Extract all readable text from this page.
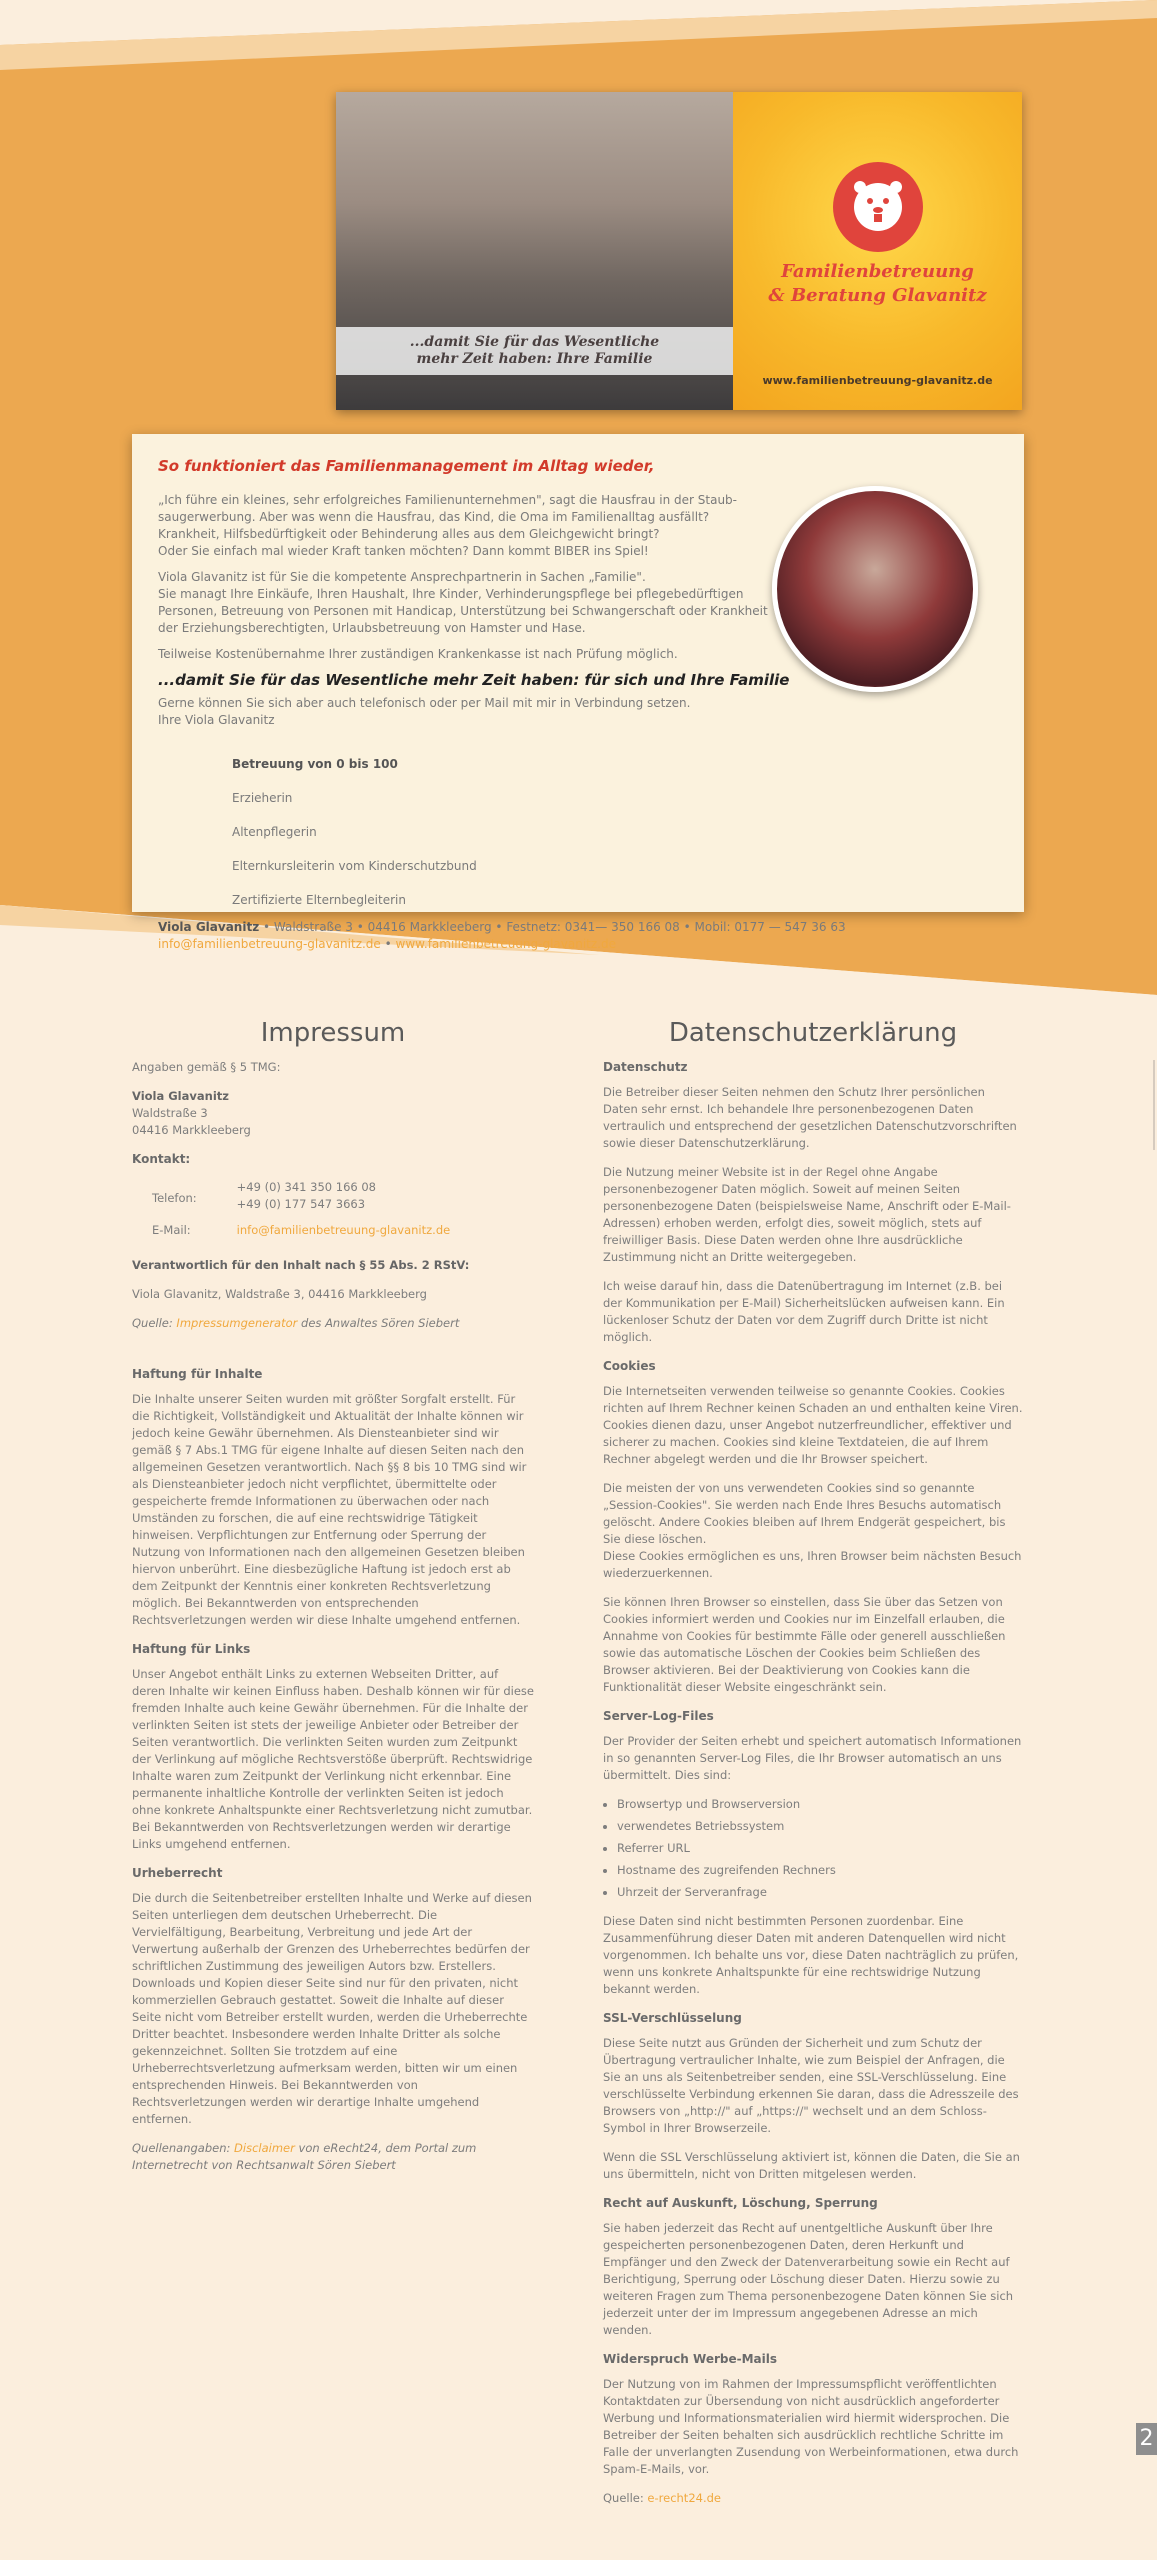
...damit Sie für das Wesentliche
mehr Zeit haben: Ihre Familie
Familienbetreuung
& Beratung Glavanitz
www.familienbetreuung-glavanitz.de
So funktioniert das Familienmanagement im Alltag wieder,

„Ich führe ein kleines, sehr erfolgreiches Familienunternehmen", sagt die Hausfrau in der Staub-
saugerwerbung. Aber was wenn die Hausfrau, das Kind, die Oma im Familienalltag ausfällt?
Krankheit, Hilfsbedürftigkeit oder Behinderung alles aus dem Gleichgewicht bringt?
Oder Sie einfach mal wieder Kraft tanken möchten? Dann kommt BIBER ins Spiel!

Viola Glavanitz ist für Sie die kompetente Ansprechpartnerin in Sachen „Familie".
Sie managt Ihre Einkäufe, Ihren Haushalt, Ihre Kinder, Verhinderungspflege bei pflegebedürftigen
Personen, Betreuung von Personen mit Handicap, Unterstützung bei Schwangerschaft oder Krankheit
der Erziehungsberechtigten, Urlaubsbetreuung von Hamster und Hase.

Teilweise Kostenübernahme Ihrer zuständigen Krankenkasse ist nach Prüfung möglich.

...damit Sie für das Wesentliche mehr Zeit haben: für sich und Ihre Familie

Gerne können Sie sich aber auch telefonisch oder per Mail mit mir in Verbindung setzen.
Ihre Viola Glavanitz

Betreuung von 0 bis 100

Erzieherin

Altenpflegerin

Elternkursleiterin vom Kinderschutzbund

Zertifizierte Elternbegleiterin

Viola Glavanitz • Waldstraße 3 • 04416 Markkleeberg • Festnetz: 0341— 350 166 08 • Mobil: 0177 — 547 36 63
info@familienbetreuung-glavanitz.de • www.familienbetreuung-glavanitz.de

Impressum

Angaben gemäß § 5 TMG:

Viola Glavanitz
Waldstraße 3
04416 Markkleeberg

Kontakt:
Telefon:	+49 (0) 341 350 166 08
+49 (0) 177 547 3663
E-Mail:	info@familienbetreuung-glavanitz.de

Verantwortlich für den Inhalt nach § 55 Abs. 2 RStV:

Viola Glavanitz, Waldstraße 3, 04416 Markkleeberg

Quelle: Impressumgenerator des Anwaltes Sören Siebert

Haftung für Inhalte

Die Inhalte unserer Seiten wurden mit größter Sorgfalt erstellt. Für die Richtigkeit, Vollständigkeit und Aktualität der Inhalte können wir jedoch keine Gewähr übernehmen. Als Diensteanbieter sind wir gemäß § 7 Abs.1 TMG für eigene Inhalte auf diesen Seiten nach den allgemeinen Gesetzen verantwortlich. Nach §§ 8 bis 10 TMG sind wir als Diensteanbieter jedoch nicht verpflichtet, übermittelte oder gespeicherte fremde Informationen zu überwachen oder nach Umständen zu forschen, die auf eine rechtswidrige Tätigkeit hinweisen. Verpflichtungen zur Entfernung oder Sperrung der Nutzung von Informationen nach den allgemeinen Gesetzen bleiben hiervon unberührt. Eine diesbezügliche Haftung ist jedoch erst ab dem Zeitpunkt der Kenntnis einer konkreten Rechtsverletzung möglich. Bei Bekanntwerden von entsprechenden Rechtsverletzungen werden wir diese Inhalte umgehend entfernen.

Haftung für Links

Unser Angebot enthält Links zu externen Webseiten Dritter, auf deren Inhalte wir keinen Einfluss haben. Deshalb können wir für diese fremden Inhalte auch keine Gewähr übernehmen. Für die Inhalte der verlinkten Seiten ist stets der jeweilige Anbieter oder Betreiber der Seiten verantwortlich. Die verlinkten Seiten wurden zum Zeitpunkt der Verlinkung auf mögliche Rechtsverstöße überprüft. Rechtswidrige Inhalte waren zum Zeitpunkt der Verlinkung nicht erkennbar. Eine permanente inhaltliche Kontrolle der verlinkten Seiten ist jedoch ohne konkrete Anhaltspunkte einer Rechtsverletzung nicht zumutbar. Bei Bekanntwerden von Rechtsverletzungen werden wir derartige Links umgehend entfernen.

Urheberrecht

Die durch die Seitenbetreiber erstellten Inhalte und Werke auf diesen Seiten unterliegen dem deutschen Urheberrecht. Die Vervielfältigung, Bearbeitung, Verbreitung und jede Art der Verwertung außerhalb der Grenzen des Urheberrechtes bedürfen der schriftlichen Zustimmung des jeweiligen Autors bzw. Erstellers. Downloads und Kopien dieser Seite sind nur für den privaten, nicht kommerziellen Gebrauch gestattet. Soweit die Inhalte auf dieser Seite nicht vom Betreiber erstellt wurden, werden die Urheberrechte Dritter beachtet. Insbesondere werden Inhalte Dritter als solche gekennzeichnet. Sollten Sie trotzdem auf eine Urheberrechtsverletzung aufmerksam werden, bitten wir um einen entsprechenden Hinweis. Bei Bekanntwerden von Rechtsverletzungen werden wir derartige Inhalte umgehend entfernen.

Quellenangaben: Disclaimer von eRecht24, dem Portal zum Internetrecht von Rechtsanwalt Sören Siebert

Datenschutzerklärung
Datenschutz

Die Betreiber dieser Seiten nehmen den Schutz Ihrer persönlichen Daten sehr ernst. Ich behandele Ihre personenbezogenen Daten vertraulich und entsprechend der gesetzlichen Datenschutzvorschriften sowie dieser Datenschutzerklärung.

Die Nutzung meiner Website ist in der Regel ohne Angabe personenbezogener Daten möglich. Soweit auf meinen Seiten personenbezogene Daten (beispielsweise Name, Anschrift oder E-Mail-Adressen) erhoben werden, erfolgt dies, soweit möglich, stets auf freiwilliger Basis. Diese Daten werden ohne Ihre ausdrückliche Zustimmung nicht an Dritte weitergegeben.

Ich weise darauf hin, dass die Datenübertragung im Internet (z.B. bei der Kommunikation per E-Mail) Sicherheitslücken aufweisen kann. Ein lückenloser Schutz der Daten vor dem Zugriff durch Dritte ist nicht möglich.

Cookies

Die Internetseiten verwenden teilweise so genannte Cookies. Cookies richten auf Ihrem Rechner keinen Schaden an und enthalten keine Viren. Cookies dienen dazu, unser Angebot nutzerfreundlicher, effektiver und sicherer zu machen. Cookies sind kleine Textdateien, die auf Ihrem Rechner abgelegt werden und die Ihr Browser speichert.

Die meisten der von uns verwendeten Cookies sind so genannte „Session-Cookies". Sie werden nach Ende Ihres Besuchs automatisch gelöscht. Andere Cookies bleiben auf Ihrem Endgerät gespeichert, bis Sie diese löschen.
Diese Cookies ermöglichen es uns, Ihren Browser beim nächsten Besuch wiederzuerkennen.

Sie können Ihren Browser so einstellen, dass Sie über das Setzen von Cookies informiert werden und Cookies nur im Einzelfall erlauben, die Annahme von Cookies für bestimmte Fälle oder generell ausschließen sowie das automatische Löschen der Cookies beim Schließen des Browser aktivieren. Bei der Deaktivierung von Cookies kann die Funktionalität dieser Website eingeschränkt sein.

Server-Log-Files

Der Provider der Seiten erhebt und speichert automatisch Informationen in so genannten Server-Log Files, die Ihr Browser automatisch an uns übermittelt. Dies sind:

• Browsertyp und Browserversion
• verwendetes Betriebssystem
• Referrer URL
• Hostname des zugreifenden Rechners
• Uhrzeit der Serveranfrage

Diese Daten sind nicht bestimmten Personen zuordenbar. Eine Zusammenführung dieser Daten mit anderen Datenquellen wird nicht vorgenommen. Ich behalte uns vor, diese Daten nachträglich zu prüfen, wenn uns konkrete Anhaltspunkte für eine rechtswidrige Nutzung bekannt werden.

SSL-Verschlüsselung

Diese Seite nutzt aus Gründen der Sicherheit und zum Schutz der Übertragung vertraulicher Inhalte, wie zum Beispiel der Anfragen, die Sie an uns als Seitenbetreiber senden, eine SSL-Verschlüsselung. Eine verschlüsselte Verbindung erkennen Sie daran, dass die Adresszeile des Browsers von „http://" auf „https://" wechselt und an dem Schloss-Symbol in Ihrer Browserzeile.

Wenn die SSL Verschlüsselung aktiviert ist, können die Daten, die Sie an uns übermitteln, nicht von Dritten mitgelesen werden.

Recht auf Auskunft, Löschung, Sperrung

Sie haben jederzeit das Recht auf unentgeltliche Auskunft über Ihre gespeicherten personenbezogenen Daten, deren Herkunft und Empfänger und den Zweck der Datenverarbeitung sowie ein Recht auf Berichtigung, Sperrung oder Löschung dieser Daten. Hierzu sowie zu weiteren Fragen zum Thema personenbezogene Daten können Sie sich jederzeit unter der im Impressum angegebenen Adresse an mich wenden.

Widerspruch Werbe-Mails

Der Nutzung von im Rahmen der Impressumspflicht veröffentlichten Kontaktdaten zur Übersendung von nicht ausdrücklich angeforderter Werbung und Informationsmaterialien wird hiermit widersprochen. Die Betreiber der Seiten behalten sich ausdrücklich rechtliche Schritte im Falle der unverlangten Zusendung von Werbeinformationen, etwa durch Spam-E-Mails, vor.

Quelle: e-recht24.de

2
